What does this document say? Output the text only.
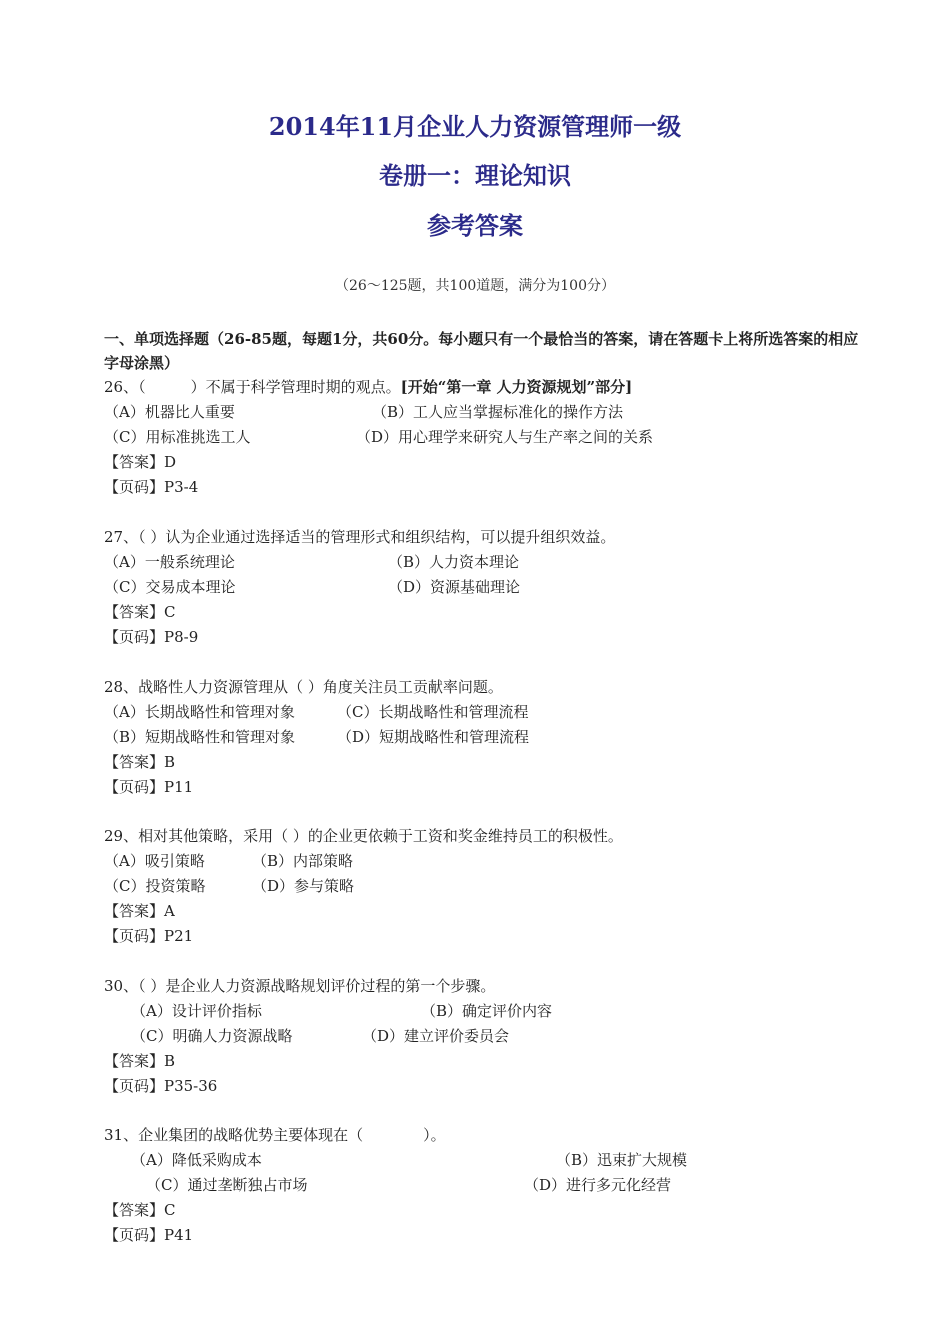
2014年11月企业人力资源管理师一级
卷册一：理论知识
参考答案
（26～125题，共100道题，满分为100分）
一、单项选择题（26-85题，每题1分，共60分。每小题只有一个最恰当的答案，请在答题卡上将所选答案的相应字母涂黑）
26、（　　　）不属于科学管理时期的观点。[开始“第一章 人力资源规划”部分]
（A）机器比人重要	（B）工人应当掌握标准化的操作方法
（C）用标准挑选工人	（D）用心理学来研究人与生产率之间的关系
【答案】D
【页码】P3-4
27、（ ）认为企业通过选择适当的管理形式和组织结构，可以提升组织效益。
（A）一般系统理论	（B）人力资本理论
（C）交易成本理论	（D）资源基础理论
【答案】C
【页码】P8-9
28、战略性人力资源管理从（ ）角度关注员工贡献率问题。
（A）长期战略性和管理对象	（C）长期战略性和管理流程
（B）短期战略性和管理对象	（D）短期战略性和管理流程
【答案】B
【页码】P11
29、相对其他策略，采用（ ）的企业更依赖于工资和奖金维持员工的积极性。
（A）吸引策略	（B）内部策略
（C）投资策略	（D）参与策略
【答案】A
【页码】P21
30、（ ）是企业人力资源战略规划评价过程的第一个步骤。
（A）设计评价指标	（B）确定评价内容
（C）明确人力资源战略	（D）建立评价委员会
【答案】B
【页码】P35-36
31、企业集团的战略优势主要体现在（　　　　）。
（A）降低采购成本	（B）迅束扩大规模
（C）通过垄断独占市场	（D）进行多元化经营
【答案】C
【页码】P41
